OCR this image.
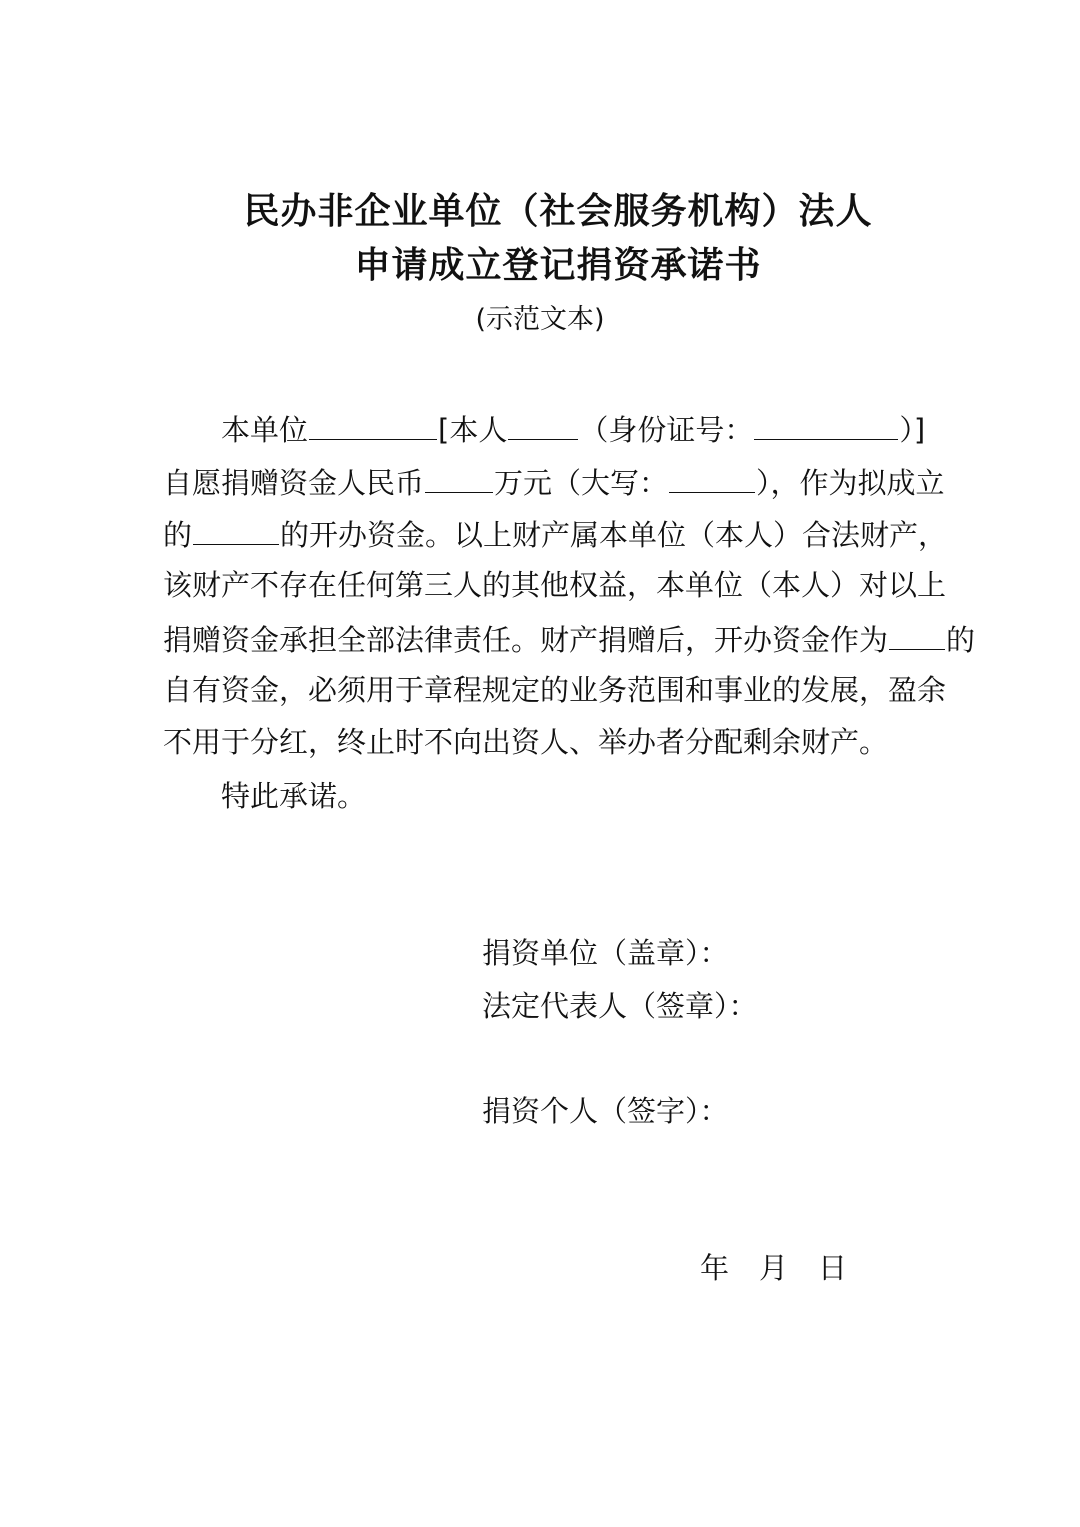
民办非企业单位（社会服务机构）法人
申请成立登记捐资承诺书
(示范文本)
本单位	[本人 （身份证号：	）]
自愿捐赠资金人民币 万元（大写：	），作为拟成立
的	的开办资金。以上财产属本单位（本人）合法财产，
该财产不存在任何第三人的其他权益，本单位（本人）对以上
捐赠资金承担全部法律责任。财产捐赠后，开办资金作为 的
自有资金，必须用于章程规定的业务范围和事业的发展，盈余
不用于分红，终止时不向出资人、举办者分配剩余财产。
特此承诺。
捐资单位（盖章）：
法定代表人（签章）：
捐资个人（签字）：
年 月 日
